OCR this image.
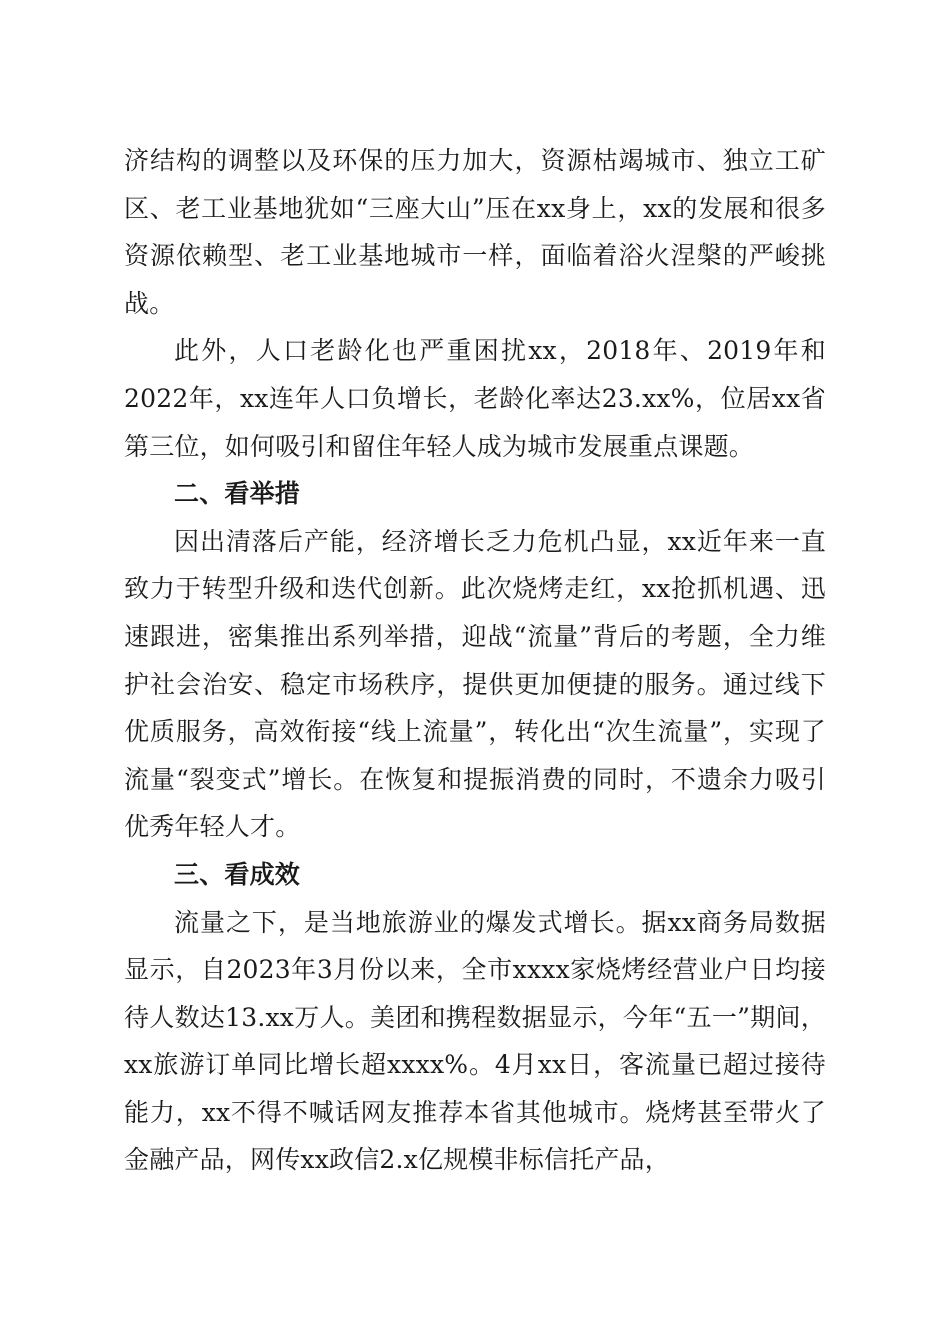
济结构的调整以及环保的压力加大，资源枯竭城市、独立工矿区、老工业基地犹如“三座大山”压在xx身上，xx的发展和很多资源依赖型、老工业基地城市一样，面临着浴火涅槃的严峻挑战。

此外，人口老龄化也严重困扰xx，2018年、2019年和2022年，xx连年人口负增长，老龄化率达23.xx%，位居xx省第三位，如何吸引和留住年轻人成为城市发展重点课题。

二、看举措

因出清落后产能，经济增长乏力危机凸显，xx近年来一直致力于转型升级和迭代创新。此次烧烤走红，xx抢抓机遇、迅速跟进，密集推出系列举措，迎战“流量”背后的考题，全力维护社会治安、稳定市场秩序，提供更加便捷的服务。通过线下优质服务，高效衔接“线上流量”，转化出“次生流量”，实现了流量“裂变式”增长。在恢复和提振消费的同时，不遗余力吸引优秀年轻人才。

三、看成效

流量之下，是当地旅游业的爆发式增长。据xx商务局数据显示，自2023年3月份以来，全市xxxx家烧烤经营业户日均接待人数达13.xx万人。美团和携程数据显示，今年“五一”期间，xx旅游订单同比增长超xxxx%。4月xx日，客流量已超过接待能力，xx不得不喊话网友推荐本省其他城市。烧烤甚至带火了金融产品，网传xx政信2.x亿规模非标信托产品，
